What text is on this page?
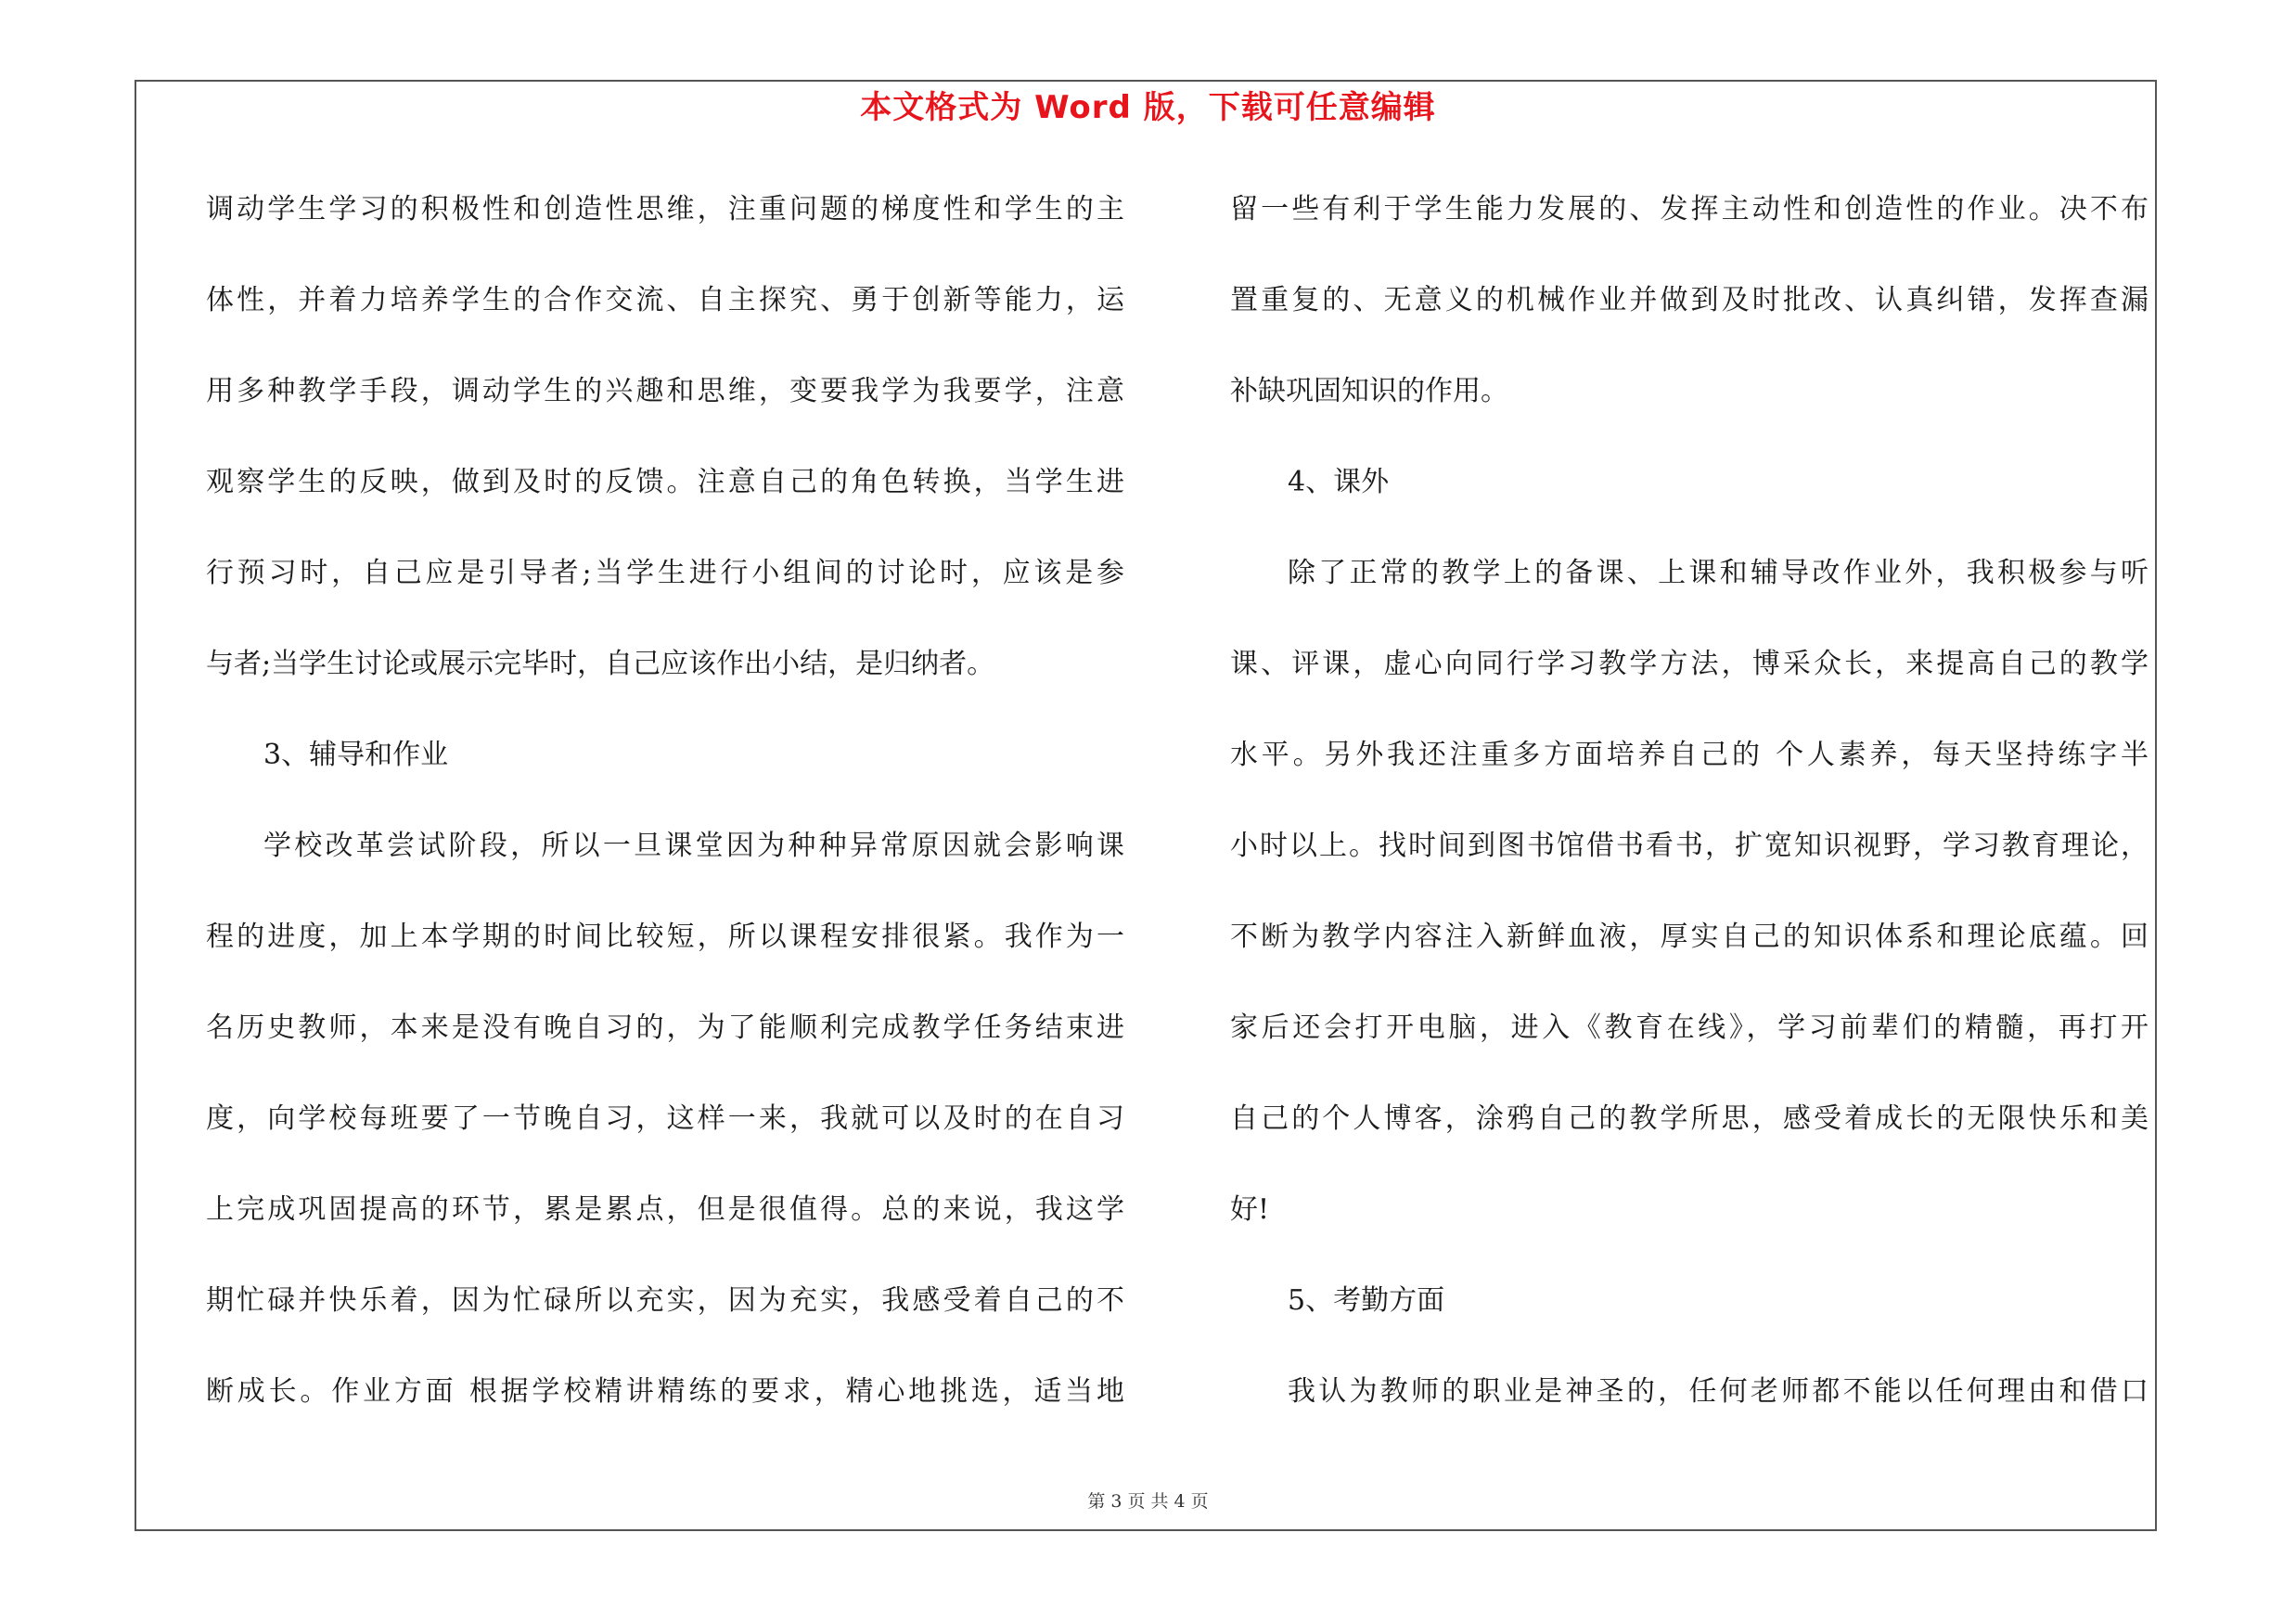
本文格式为 Word 版，下载可任意编辑
调动学生学习的积极性和创造性思维，注重问题的梯度性和学生的主
体性，并着力培养学生的合作交流、自主探究、勇于创新等能力，运
用多种教学手段，调动学生的兴趣和思维，变要我学为我要学，注意
观察学生的反映，做到及时的反馈。注意自己的角色转换，当学生进
行预习时，自己应是引导者;当学生进行小组间的讨论时，应该是参
与者;当学生讨论或展示完毕时，自己应该作出小结，是归纳者。
3、辅导和作业
学校改革尝试阶段，所以一旦课堂因为种种异常原因就会影响课
程的进度，加上本学期的时间比较短，所以课程安排很紧。我作为一
名历史教师，本来是没有晚自习的，为了能顺利完成教学任务结束进
度，向学校每班要了一节晚自习，这样一来，我就可以及时的在自习
上完成巩固提高的环节，累是累点，但是很值得。总的来说，我这学
期忙碌并快乐着，因为忙碌所以充实，因为充实，我感受着自己的不
断成长。作业方面 根据学校精讲精练的要求，精心地挑选，适当地
留一些有利于学生能力发展的、发挥主动性和创造性的作业。决不布
置重复的、无意义的机械作业并做到及时批改、认真纠错，发挥查漏
补缺巩固知识的作用。
4、课外
除了正常的教学上的备课、上课和辅导改作业外，我积极参与听
课、评课，虚心向同行学习教学方法，博采众长，来提高自己的教学
水平。另外我还注重多方面培养自己的 个人素养，每天坚持练字半
小时以上。找时间到图书馆借书看书，扩宽知识视野，学习教育理论，
不断为教学内容注入新鲜血液，厚实自己的知识体系和理论底蕴。回
家后还会打开电脑，进入《教育在线》，学习前辈们的精髓，再打开
自己的个人博客，涂鸦自己的教学所思，感受着成长的无限快乐和美
好!
5、考勤方面
我认为教师的职业是神圣的，任何老师都不能以任何理由和借口
第 3 页 共 4 页
